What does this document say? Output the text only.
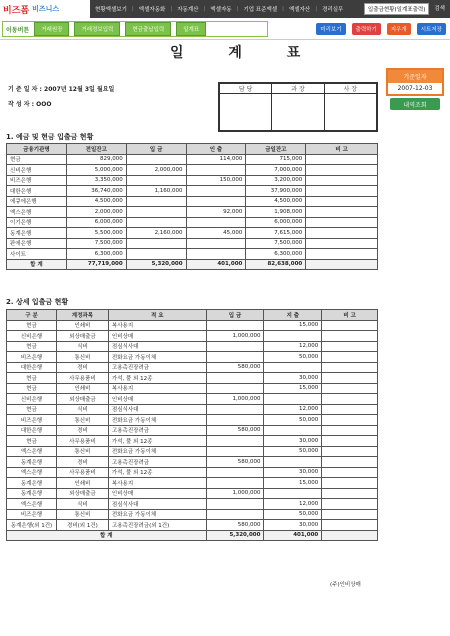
비즈폼 비즈니스	현황엑셀보기 | 엑셀자동화 | 자동계산 | 엑셀자동 | 기업 표준엑셀 | 엑셀자산 | 경리실무	입출금현황(일계표출력)	검색
이동버튼	거래원장	거래정보입력	현금출납입력	일계표	미리보기	출력하기	지우개	시트저장
일 계 표
기 준 일 자 : 2007년 12월 3일 월요일
작 성 자 : OOO
담 당	과 장	사 장

기준일자
2007-12-03
내역조회
1. 예금 및 현금 입출금 현황
금융기관명	전일잔고	입 금	인 출	금일잔고	비 고
현금	829,000		114,000	715,000	
신비은행	5,000,000	2,000,000		7,000,000	
비즈은행	3,350,000		150,000	3,200,000	
대한은행	36,740,000	1,160,000		37,900,000	
에큐에은행	4,500,000			4,500,000	
엑스은행	2,000,000		92,000	1,908,000	
이기은행	6,000,000			6,000,000	
동계은행	5,500,000	2,160,000	45,000	7,615,000	
판에은행	7,500,000			7,500,000	
사이트	6,300,000			6,300,000	
합 계	77,719,000	5,320,000	401,000	82,638,000	
2. 상세 입출금 현황
구 분	계정과목	적 요	입 금	지 출	비 고
현금	인쇄비	복사용지		15,000	
신비은행	외상매출금	인비상매	1,000,000		
현금	식비	점심식사대		12,000	
비즈은행	통신비	전화요금 가동이체		50,000	
대한은행	경비	고용촉진장려금	580,000		
현금	사무용품비	가석, 풀 외 12종		30,000	
현금	인쇄비	복사용지		15,000	
신비은행	외상매출금	인비상매	1,000,000		
현금	식비	점심식사대		12,000	
비즈은행	통신비	전화요금 가동이체		50,000	
대한은행	경비	고용촉진장려금	580,000		
현금	사무용품비	가석, 풀 외 12종		30,000	
엑스은행	통신비	전화요금 가동이체		50,000	
동계은행	경비	고용촉진장려금	580,000		
엑스은행	사무용품비	가석, 풀 외 12종		30,000	
동계은행	인쇄비	복사용지		15,000	
동계은행	외상매출금	인비상매	1,000,000		
엑스은행	식비	점심식사대		12,000	
비즈은행	통신비	전화요금 가동이체		50,000	
동계은행(외 1건)	경비(외 1건)	고용촉진장려금(외 1건)	580,000	30,000	
합 계			5,320,000	401,000	
(주)인비상매
